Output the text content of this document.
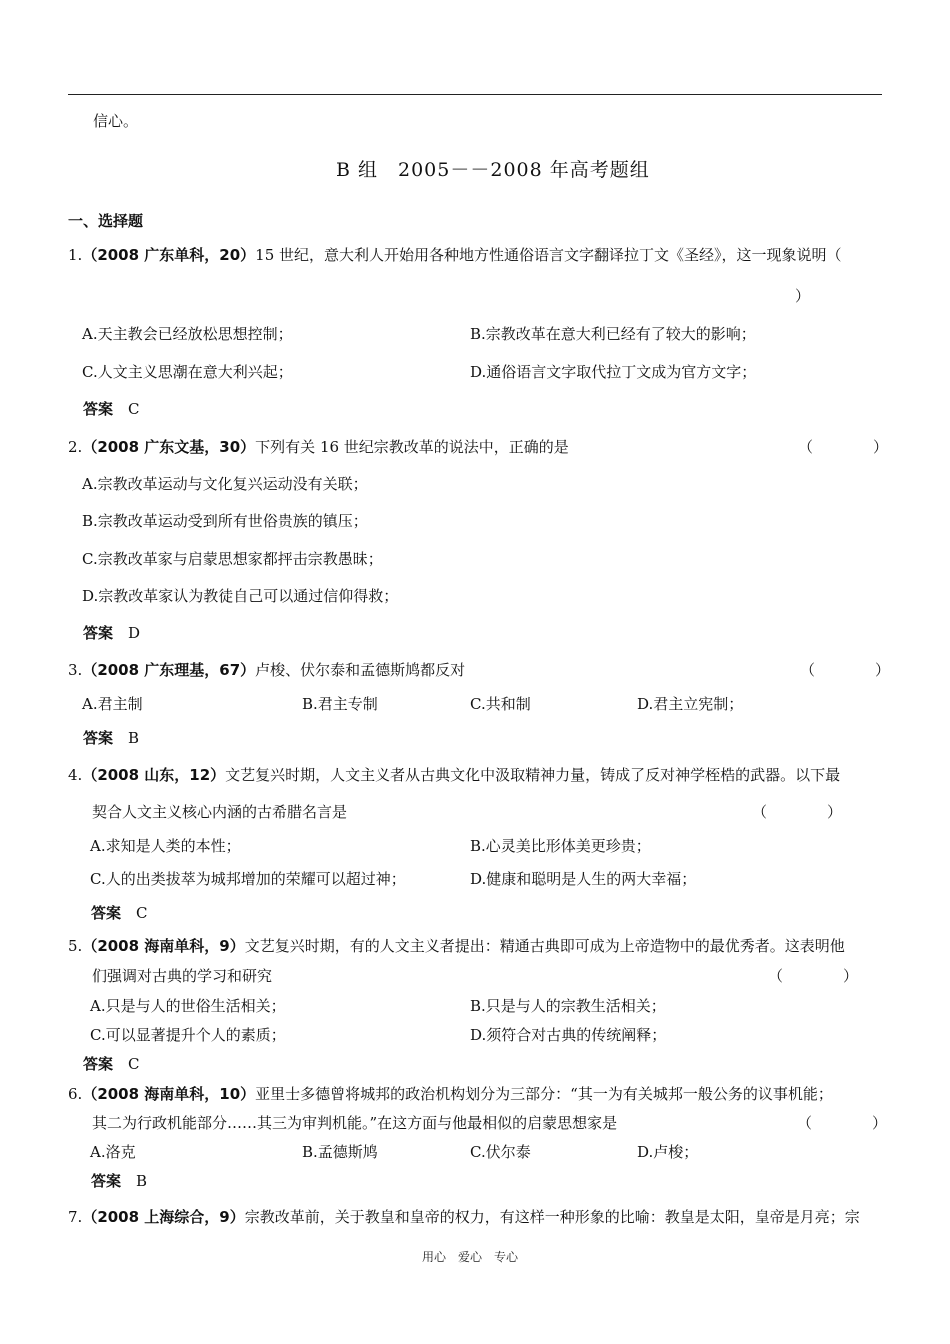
信心。
B 组　2005－－2008 年高考题组
一、选择题
1.（2008 广东单科，20）15 世纪，意大利人开始用各种地方性通俗语言文字翻译拉丁文《圣经》，这一现象说明（
）
A.天主教会已经放松思想控制；	B.宗教改革在意大利已经有了较大的影响；
C.人文主义思潮在意大利兴起；	D.通俗语言文字取代拉丁文成为官方文字；
答案　 C
2.（2008 广东文基，30）下列有关 16 世纪宗教改革的说法中，正确的是	（　　　　）
A.宗教改革运动与文化复兴运动没有关联；
B.宗教改革运动受到所有世俗贵族的镇压；
C.宗教改革家与启蒙思想家都抨击宗教愚昧；
D.宗教改革家认为教徒自己可以通过信仰得救；
答案　 D
3.（2008 广东理基，67）卢梭、伏尔泰和孟德斯鸠都反对	（　　　　）
A.君主制	B.君主专制	C.共和制	D.君主立宪制；
答案　 B
4.（2008 山东，12）文艺复兴时期，人文主义者从古典文化中汲取精神力量，铸成了反对神学桎梏的武器。以下最
契合人文主义核心内涵的古希腊名言是	（　　　　）
A.求知是人类的本性；	B.心灵美比形体美更珍贵；
C.人的出类拔萃为城邦增加的荣耀可以超过神；	D.健康和聪明是人生的两大幸福；
答案　 C
5.（2008 海南单科，9）文艺复兴时期，有的人文主义者提出：精通古典即可成为上帝造物中的最优秀者。这表明他
们强调对古典的学习和研究	（　　　　）
A.只是与人的世俗生活相关；	B.只是与人的宗教生活相关；
C.可以显著提升个人的素质；	D.须符合对古典的传统阐释；
答案　 C
6.（2008 海南单科，10）亚里士多德曾将城邦的政治机构划分为三部分：“其一为有关城邦一般公务的议事机能；
其二为行政机能部分……其三为审判机能。”在这方面与他最相似的启蒙思想家是	（　　　　）
A.洛克	B.孟德斯鸠	C.伏尔泰	D.卢梭；
答案　 B
7.（2008 上海综合，9）宗教改革前，关于教皇和皇帝的权力，有这样一种形象的比喻：教皇是太阳，皇帝是月亮；宗
用心　爱心　专心
